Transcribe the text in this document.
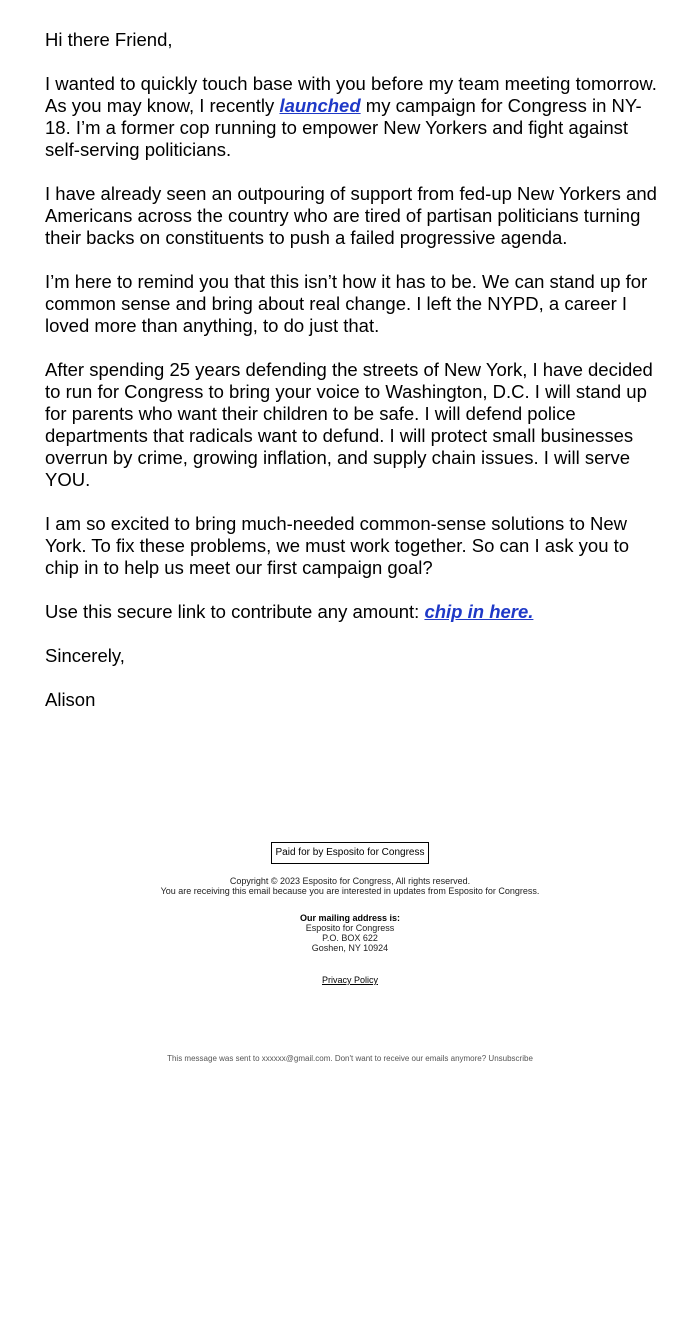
Hi there Friend,

I wanted to quickly touch base with you before my team meeting tomorrow. As you may know, I recently launched my campaign for Congress in NY-18. I’m a former cop running to empower New Yorkers and fight against self-serving politicians.

I have already seen an outpouring of support from fed-up New Yorkers and Americans across the country who are tired of partisan politicians turning their backs on constituents to push a failed progressive agenda.

I’m here to remind you that this isn’t how it has to be. We can stand up for common sense and bring about real change. I left the NYPD, a career I loved more than anything, to do just that.

After spending 25 years defending the streets of New York, I have decided to run for Congress to bring your voice to Washington, D.C. I will stand up for parents who want their children to be safe. I will defend police departments that radicals want to defund. I will protect small businesses overrun by crime, growing inflation, and supply chain issues. I will serve YOU.

I am so excited to bring much-needed common-sense solutions to New York. To fix these problems, we must work together. So can I ask you to chip in to help us meet our first campaign goal?

Use this secure link to contribute any amount: chip in here.

Sincerely,

Alison

Paid for by Esposito for Congress
Copyright © 2023 Esposito for Congress, All rights reserved.
You are receiving this email because you are interested in updates from Esposito for Congress.
Our mailing address is:
Esposito for Congress
P.O. BOX 622
Goshen, NY 10924
Privacy Policy
This message was sent to xxxxxx@gmail.com. Don't want to receive our emails anymore? Unsubscribe
